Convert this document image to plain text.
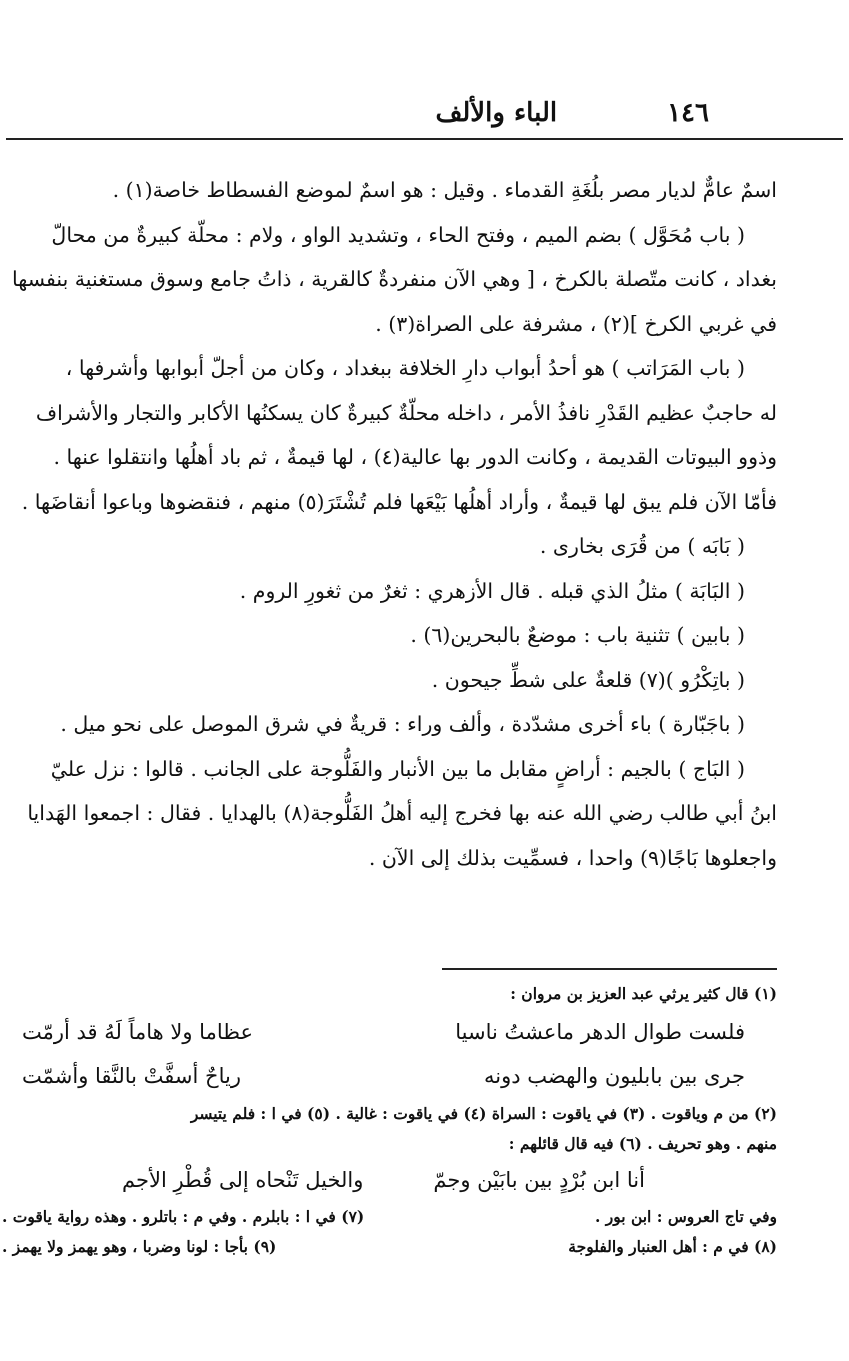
١٤٦
الباء والألف
اسمٌ عامٌّ لديار مصر بلُغَةِ القدماء . وقيل : هو اسمٌ لموضع الفسطاط خاصة(١) .
( باب مُحَوَّل ) بضم الميم ، وفتح الحاء ، وتشديد الواو ، ولام : محلّة كبيرةٌ من محالّ
بغداد ، كانت متّصلة بالكرخ ، [ وهي الآن منفردةٌ كالقرية ، ذاتُ جامع وسوق مستغنية بنفسها
في غربي الكرخ ](٢) ، مشرفة على الصراة(٣) .
( باب المَرَاتب ) هو أحدُ أبواب دارِ الخلافة ببغداد ، وكان من أجلّ أبوابها وأشرفها ،
له حاجبٌ عظيم القَدْرِ نافذُ الأمر ، داخله محلّةٌ كبيرةٌ كان يسكنُها الأكابر والتجار والأشراف
وذوو البيوتات القديمة ، وكانت الدور بها عالية(٤) ، لها قيمةٌ ، ثم باد أهلُها وانتقلوا عنها .
فأمّا الآن فلم يبق لها قيمةٌ ، وأراد أهلُها بَيْعَها فلم تُشْتَرَ(٥) منهم ، فنقضوها وباعوا أنقاضَها .
( بَابَه ) من قُرَى بخارى .
( البَابَة ) مثلُ الذي قبله . قال الأزهري : ثغرٌ من ثغورِ الروم .
( بابين ) تثنية باب : موضعٌ بالبحرين(٦) .
( باتِكْرُو )(٧) قلعةٌ على شطِّ جيحون .
( باجَبّارة ) باء أخرى مشدّدة ، وألف وراء : قريةٌ في شرق الموصل على نحو ميل .
( البَاج ) بالجيم : أراضٍ مقابل ما بين الأنبار والفَلُّوجة على الجانب . قالوا : نزل عليّ
ابنُ أبي طالب رضي الله عنه بها فخرج إليه أهلُ الفَلُّوجة(٨) بالهدايا . فقال : اجمعوا الهَدايا
واجعلوها بَاجًا(٩) واحدا ، فسمِّيت بذلك إلى الآن .
(١) قال كثير يرثي عبد العزيز بن مروان :
فلست طوال الدهر ماعشتُ ناسيا
عظاما ولا هاماً لَهُ قد أرمّت
جرى بين بابليون والهضب دونه
رياحٌ أسفَّتْ بالنَّقا وأشمّت
(٢) من م وياقوت . (٣) في ياقوت : السراة (٤) في ياقوت : غالية . (٥) في ا : فلم يتيسر
منهم . وهو تحريف . (٦) فيه قال قائلهم :
أنا ابن بُرْدٍ بين بابَيْن وجمّ
والخيل تَنْحاه إلى قُطْرِ الأجم
وفي تاج العروس : ابن بور .
(٧) في ا : بابلرم . وفي م : باتلرو . وهذه رواية ياقوت .
(٨) في م : أهل العنبار والفلوجة
(٩) بأجا : لونا وضربا ، وهو يهمز ولا يهمز .
